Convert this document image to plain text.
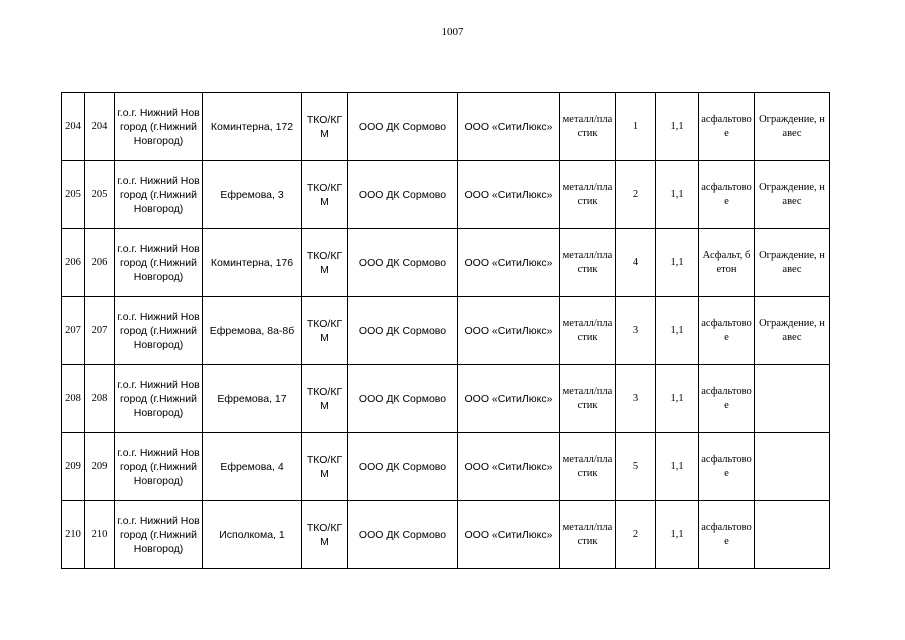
1007
204	204	г.о.г. Нижний Новгород (г.Нижний Новгород)	Коминтерна, 172	ТКО/КГМ	ООО ДК Сормово	ООО «СитиЛюкс»	металл/пластик	1	1,1	асфальтовое	Ограждение, навес
205	205	г.о.г. Нижний Новгород (г.Нижний Новгород)	Ефремова, 3	ТКО/КГМ	ООО ДК Сормово	ООО «СитиЛюкс»	металл/пластик	2	1,1	асфальтовое	Ограждение, навес
206	206	г.о.г. Нижний Новгород (г.Нижний Новгород)	Коминтерна, 176	ТКО/КГМ	ООО ДК Сормово	ООО «СитиЛюкс»	металл/пластик	4	1,1	Асфальт, бетон	Ограждение, навес
207	207	г.о.г. Нижний Новгород (г.Нижний Новгород)	Ефремова, 8а-8б	ТКО/КГМ	ООО ДК Сормово	ООО «СитиЛюкс»	металл/пластик	3	1,1	асфальтовое	Ограждение, навес
208	208	г.о.г. Нижний Новгород (г.Нижний Новгород)	Ефремова, 17	ТКО/КГМ	ООО ДК Сормово	ООО «СитиЛюкс»	металл/пластик	3	1,1	асфальтовое	
209	209	г.о.г. Нижний Новгород (г.Нижний Новгород)	Ефремова, 4	ТКО/КГМ	ООО ДК Сормово	ООО «СитиЛюкс»	металл/пластик	5	1,1	асфальтовое	
210	210	г.о.г. Нижний Новгород (г.Нижний Новгород)	Исполкома, 1	ТКО/КГМ	ООО ДК Сормово	ООО «СитиЛюкс»	металл/пластик	2	1,1	асфальтовое	
